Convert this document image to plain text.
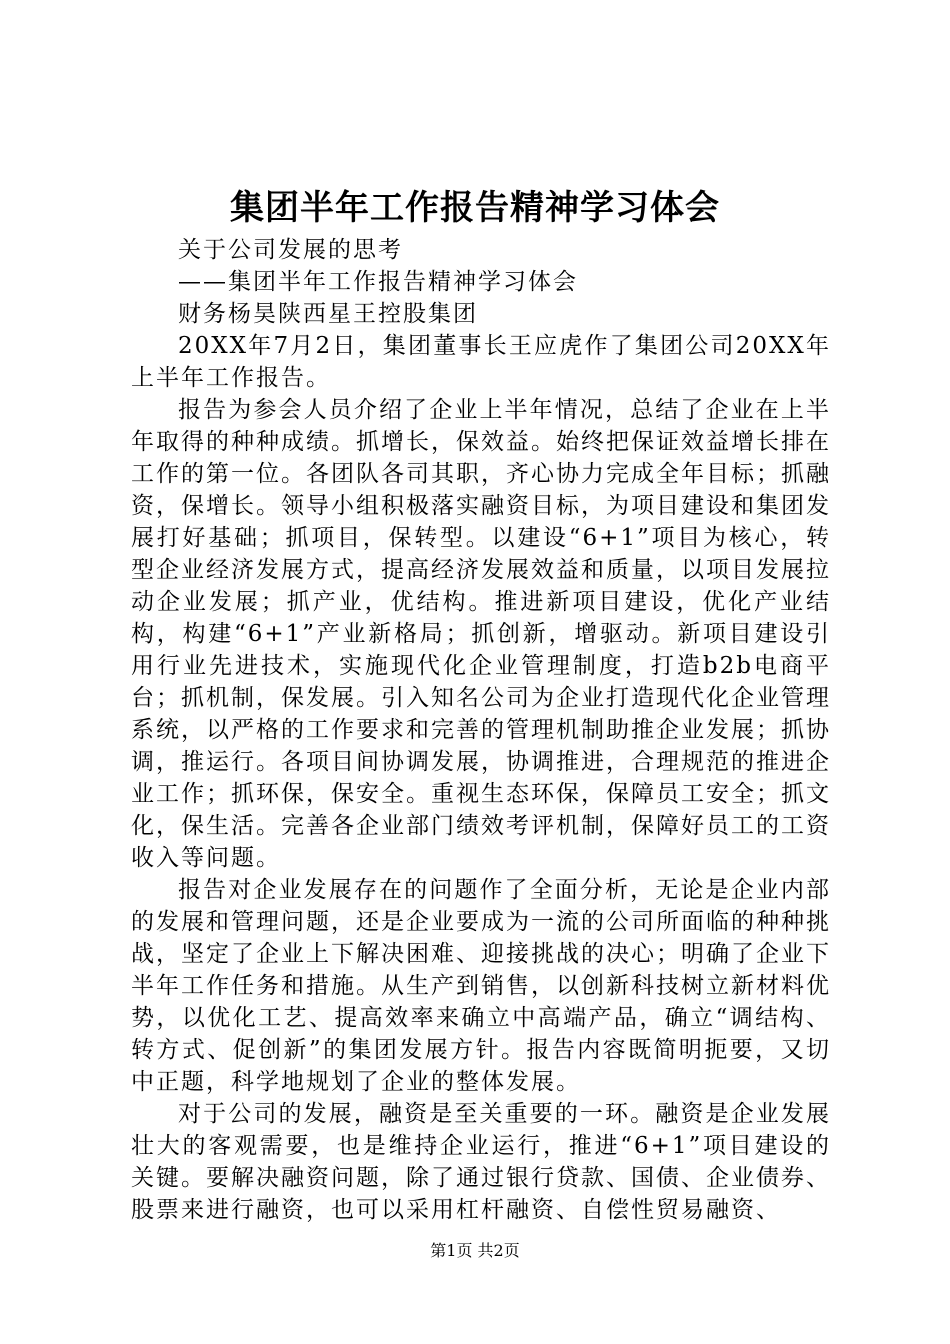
集团半年工作报告精神学习体会

关于公司发展的思考

——集团半年工作报告精神学习体会

财务杨昊陕西星王控股集团

20XX年7月2日，集团董事长王应虎作了集团公司20XX年上半年工作报告。

报告为参会人员介绍了企业上半年情况，总结了企业在上半年取得的种种成绩。抓增长，保效益。始终把保证效益增长排在工作的第一位。各团队各司其职，齐心协力完成全年目标；抓融资，保增长。领导小组积极落实融资目标，为项目建设和集团发展打好基础；抓项目，保转型。以建设“6+1”项目为核心，转型企业经济发展方式，提高经济发展效益和质量，以项目发展拉动企业发展；抓产业，优结构。推进新项目建设，优化产业结构，构建“6+1”产业新格局；抓创新，增驱动。新项目建设引用行业先进技术，实施现代化企业管理制度，打造b2b电商平台；抓机制，保发展。引入知名公司为企业打造现代化企业管理系统，以严格的工作要求和完善的管理机制助推企业发展；抓协调，推运行。各项目间协调发展，协调推进，合理规范的推进企业工作；抓环保，保安全。重视生态环保，保障员工安全；抓文化，保生活。完善各企业部门绩效考评机制，保障好员工的工资收入等问题。

报告对企业发展存在的问题作了全面分析，无论是企业内部的发展和管理问题，还是企业要成为一流的公司所面临的种种挑战，坚定了企业上下解决困难、迎接挑战的决心；明确了企业下半年工作任务和措施。从生产到销售，以创新科技树立新材料优势，以优化工艺、提高效率来确立中高端产品，确立“调结构、转方式、促创新”的集团发展方针。报告内容既简明扼要，又切中正题，科学地规划了企业的整体发展。

对于公司的发展，融资是至关重要的一环。融资是企业发展壮大的客观需要，也是维持企业运行，推进“6+1”项目建设的关键。要解决融资问题，除了通过银行贷款、国债、企业债券、股票来进行融资，也可以采用杠杆融资、自偿性贸易融资、

第1页 共2页
